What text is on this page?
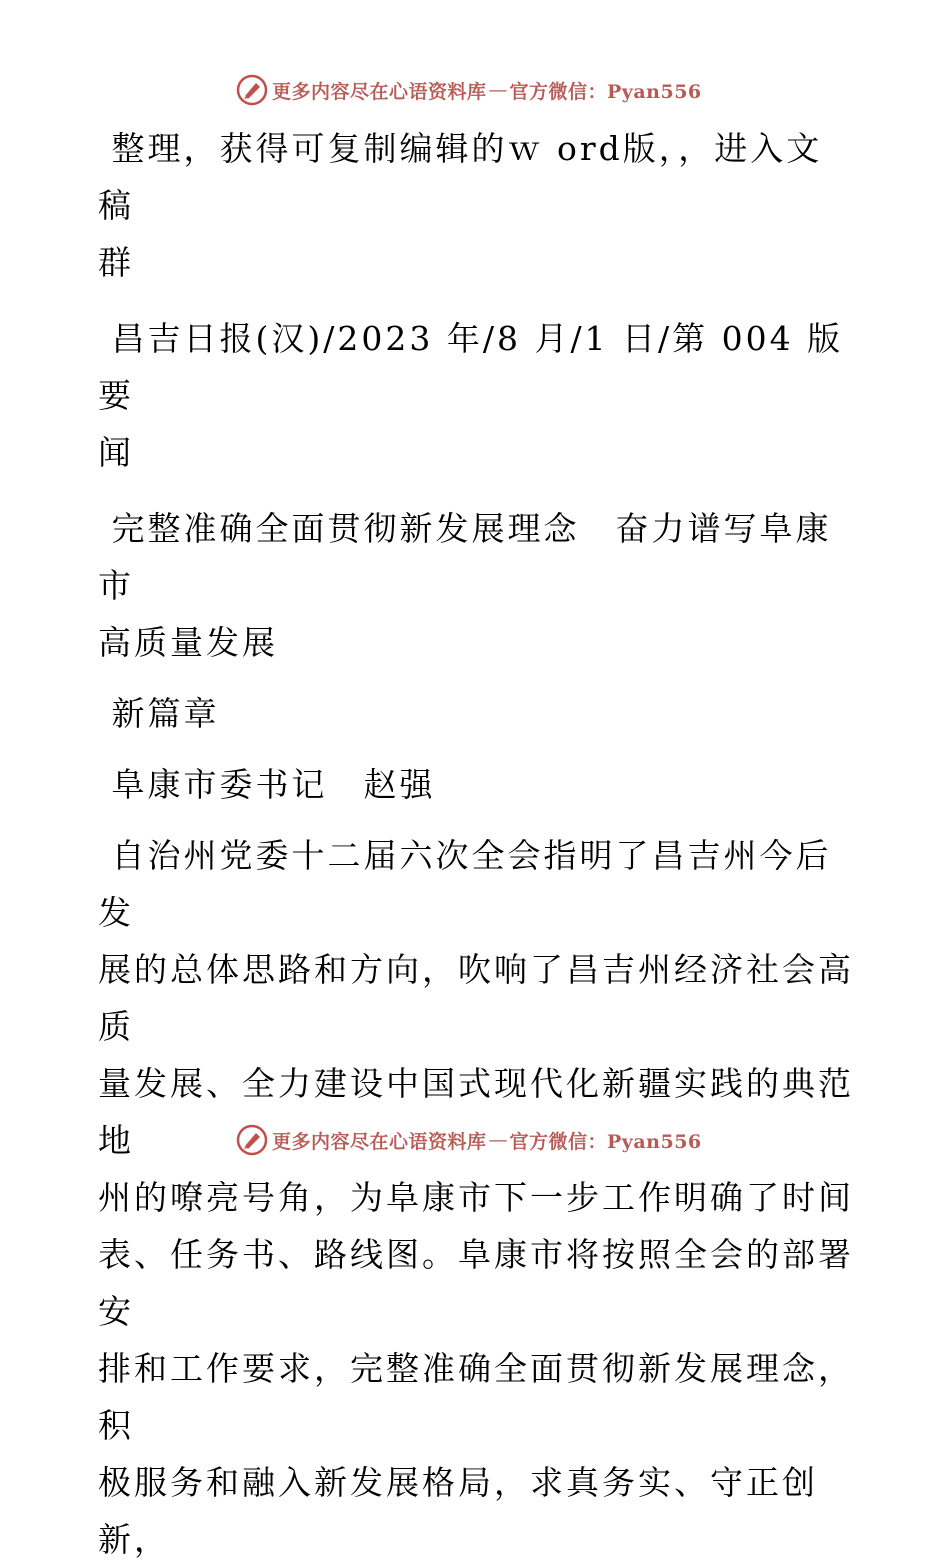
更多内容尽在心语资料库 — 官方微信：Pyan556

整理，获得可复制编辑的ｗ ord版，，进入文稿
群

昌吉日报(汉)/2023 年/8 月/1 日/第 004 版要
闻

完整准确全面贯彻新发展理念　奋力谱写阜康市
高质量发展

新篇章

阜康市委书记　赵强

自治州党委十二届六次全会指明了昌吉州今后发
展的总体思路和方向，吹响了昌吉州经济社会高质
量发展、全力建设中国式现代化新疆实践的典范地
州的嘹亮号角，为阜康市下一步工作明确了时间
表、任务书、路线图。阜康市将按照全会的部署安
排和工作要求，完整准确全面贯彻新发展理念，积
极服务和融入新发展格局，求真务实、守正创新，

更多内容尽在心语资料库 — 官方微信：Pyan556
